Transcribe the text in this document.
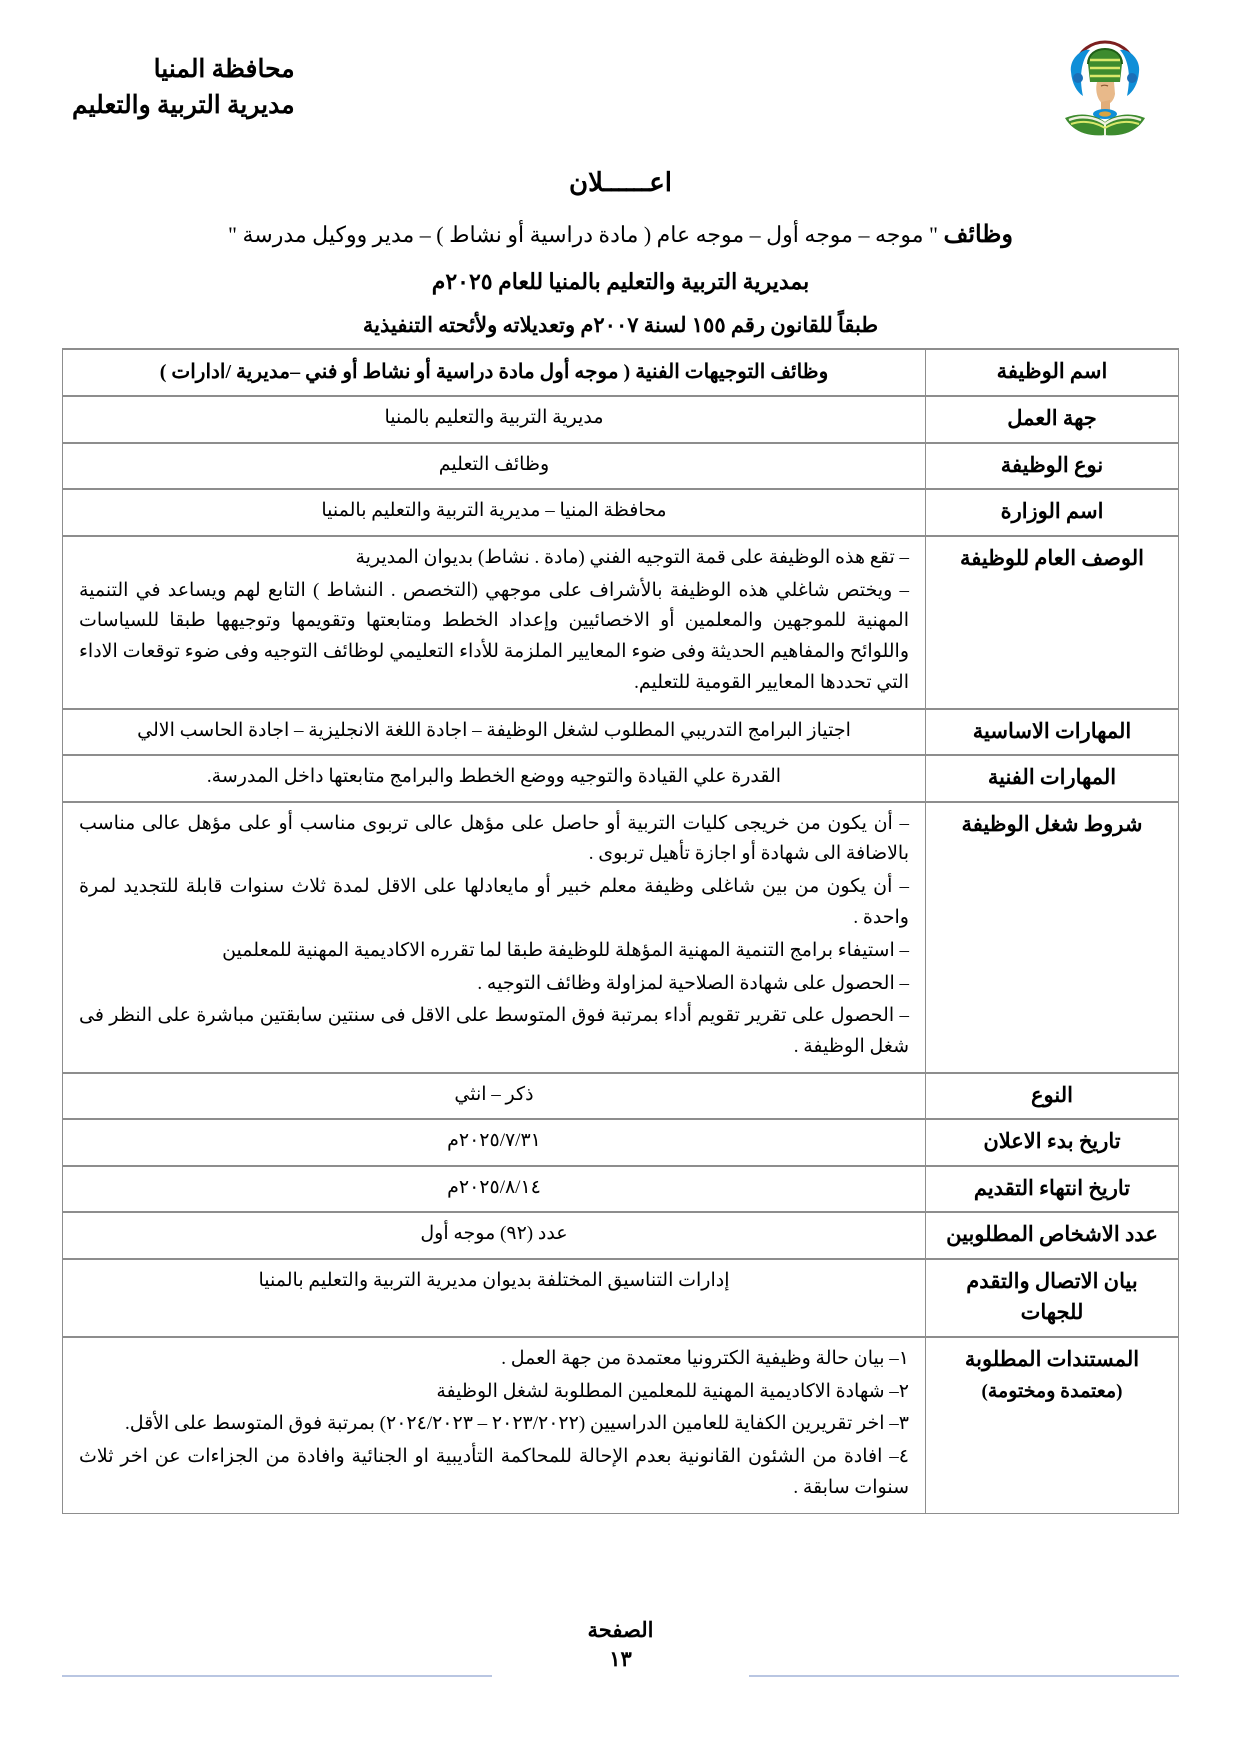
محافظة المنيا
مديرية التربية والتعليم
اعــــــلان
وظائف " موجه – موجه أول – موجه عام ( مادة دراسية أو نشاط ) – مدير ووكيل مدرسة "
بمديرية التربية والتعليم بالمنيا للعام ٢٠٢٥م
طبقاً للقانون رقم ١٥٥ لسنة ٢٠٠٧م وتعديلاته ولأئحته التنفيذية
اسم الوظيفة	وظائف التوجيهات الفنية ( موجه أول مادة دراسية أو نشاط أو فني –مديرية /ادارات )
جهة العمل	مديرية التربية والتعليم بالمنيا
نوع الوظيفة	وظائف التعليم
اسم الوزارة	محافظة المنيا – مديرية التربية والتعليم بالمنيا
الوصف العام للوظيفة	– تقع هذه الوظيفة على قمة التوجيه الفني (مادة . نشاط) بديوان المديرية

– ويختص شاغلي هذه الوظيفة بالأشراف على موجهي (التخصص . النشاط ) التابع لهم ويساعد في التنمية المهنية للموجهين والمعلمين أو الاخصائيين وإعداد الخطط ومتابعتها وتقويمها وتوجيهها طبقا للسياسات واللوائح والمفاهيم الحديثة وفى ضوء المعايير الملزمة للأداء التعليمي لوظائف التوجيه وفى ضوء توقعات الاداء التي تحددها المعايير القومية للتعليم.

المهارات الاساسية	اجتياز البرامج التدريبي المطلوب لشغل الوظيفة – اجادة اللغة الانجليزية – اجادة الحاسب الالي
المهارات الفنية	القدرة علي القيادة والتوجيه ووضع الخطط والبرامج متابعتها داخل المدرسة.
شروط شغل الوظيفة	– أن يكون من خريجى كليات التربية أو حاصل على مؤهل عالى تربوى مناسب أو على مؤهل عالى مناسب بالاضافة الى شهادة أو اجازة تأهيل تربوى .

– أن يكون من بين شاغلى وظيفة معلم خبير أو مايعادلها على الاقل لمدة ثلاث سنوات قابلة للتجديد لمرة واحدة .

– استيفاء برامج التنمية المهنية المؤهلة للوظيفة طبقا لما تقرره الاكاديمية المهنية للمعلمين

– الحصول على شهادة الصلاحية لمزاولة وظائف التوجيه .

– الحصول على تقرير تقويم أداء بمرتبة فوق المتوسط على الاقل فى سنتين سابقتين مباشرة على النظر فى شغل الوظيفة .

النوع	ذكر – انثي
تاريخ بدء الاعلان	٢٠٢٥/٧/٣١م
تاريخ انتهاء التقديم	٢٠٢٥/٨/١٤م
عدد الاشخاص المطلوبين	عدد (٩٢) موجه أول
بيان الاتصال والتقدم للجهات	إدارات التناسيق المختلفة بديوان مديرية التربية والتعليم بالمنيا
المستندات المطلوبة
(معتمدة ومختومة)

١– بيان حالة وظيفية الكترونيا معتمدة من جهة العمل .

٢– شهادة الاكاديمية المهنية للمعلمين المطلوبة لشغل الوظيفة

٣– اخر تقريرين الكفاية للعامين الدراسيين (٢٠٢٣/٢٠٢٢ – ٢٠٢٤/٢٠٢٣) بمرتبة فوق المتوسط على الأقل.

٤– افادة من الشئون القانونية بعدم الإحالة للمحاكمة التأديبية او الجنائية وافادة من الجزاءات عن اخر ثلاث سنوات سابقة .

الصفحة
١٣
